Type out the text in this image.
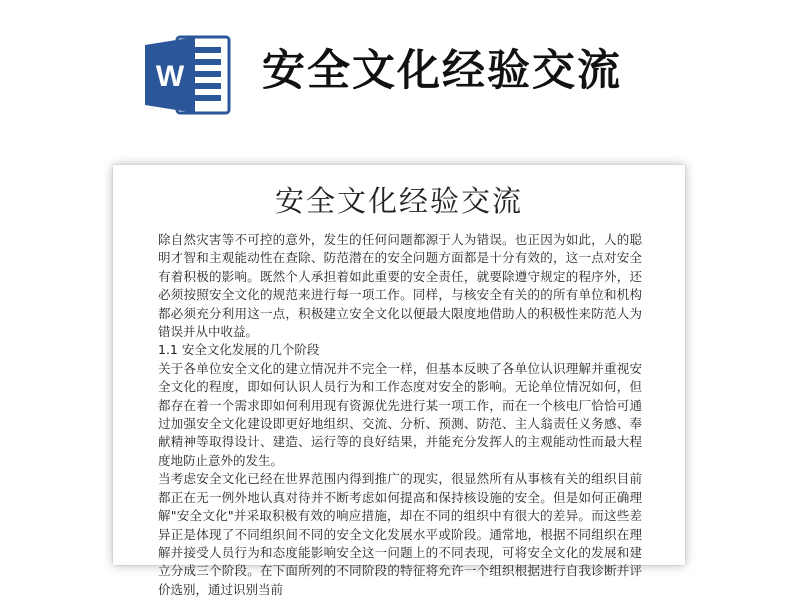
W 安全文化经验交流
安全文化经验交流

除自然灾害等不可控的意外，发生的任何问题都源于人为错误。也正因为如此，人的聪明才智和主观能动性在查除、防范潜在的安全问题方面都是十分有效的，这一点对安全有着积极的影响。既然个人承担着如此重要的安全责任，就要除遵守规定的程序外，还必须按照安全文化的规范来进行每一项工作。同样，与核安全有关的的所有单位和机构都必须充分利用这一点，积极建立安全文化以便最大限度地借助人的积极性来防范人为错误并从中收益。

1.1 安全文化发展的几个阶段

关于各单位安全文化的建立情况并不完全一样，但基本反映了各单位认识理解并重视安全文化的程度，即如何认识人员行为和工作态度对安全的影响。无论单位情况如何，但都存在着一个需求即如何利用现有资源优先进行某一项工作，而在一个核电厂恰恰可通过加强安全文化建设即更好地组织、交流、分析、预测、防范、主人翁责任义务感、奉献精神等取得设计、建造、运行等的良好结果，并能充分发挥人的主观能动性而最大程度地防止意外的发生。

当考虑安全文化已经在世界范围内得到推广的现实，很显然所有从事核有关的组织目前都正在无一例外地认真对待并不断考虑如何提高和保持核设施的安全。但是如何正确理解"安全文化"并采取积极有效的响应措施，却在不同的组织中有很大的差异。而这些差异正是体现了不同组织间不同的安全文化发展水平或阶段。通常地，根据不同组织在理解并接受人员行为和态度能影响安全这一问题上的不同表现，可将安全文化的发展和建立分成三个阶段。在下面所列的不同阶段的特征将允许一个组织根据进行自我诊断并评价选别，通过识别当前
